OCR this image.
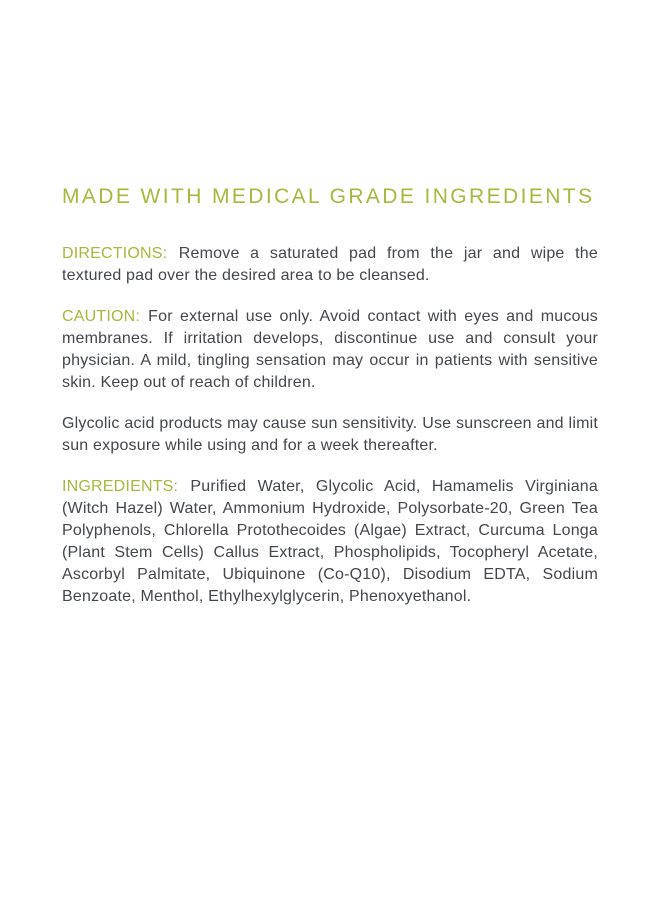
MADE WITH MEDICAL GRADE INGREDIENTS

DIRECTIONS: Remove a saturated pad from the jar and wipe the textured pad over the desired area to be cleansed.

CAUTION: For external use only. Avoid contact with eyes and mucous membranes. If irritation develops, discontinue use and consult your physician. A mild, tingling sensation may occur in patients with sensitive skin. Keep out of reach of children.

Glycolic acid products may cause sun sensitivity. Use sunscreen and limit sun exposure while using and for a week thereafter.

INGREDIENTS: Purified Water, Glycolic Acid, Hamamelis Virginiana (Witch Hazel) Water, Ammonium Hydroxide, Polysorbate-20, Green Tea Polyphenols, Chlorella Protothecoides (Algae) Extract, Curcuma Longa (Plant Stem Cells) Callus Extract, Phospholipids, Tocopheryl Acetate, Ascorbyl Palmitate, Ubiquinone (Co-Q10), Disodium EDTA, Sodium Benzoate, Menthol, Ethylhexylglycerin, Phenoxyethanol.
